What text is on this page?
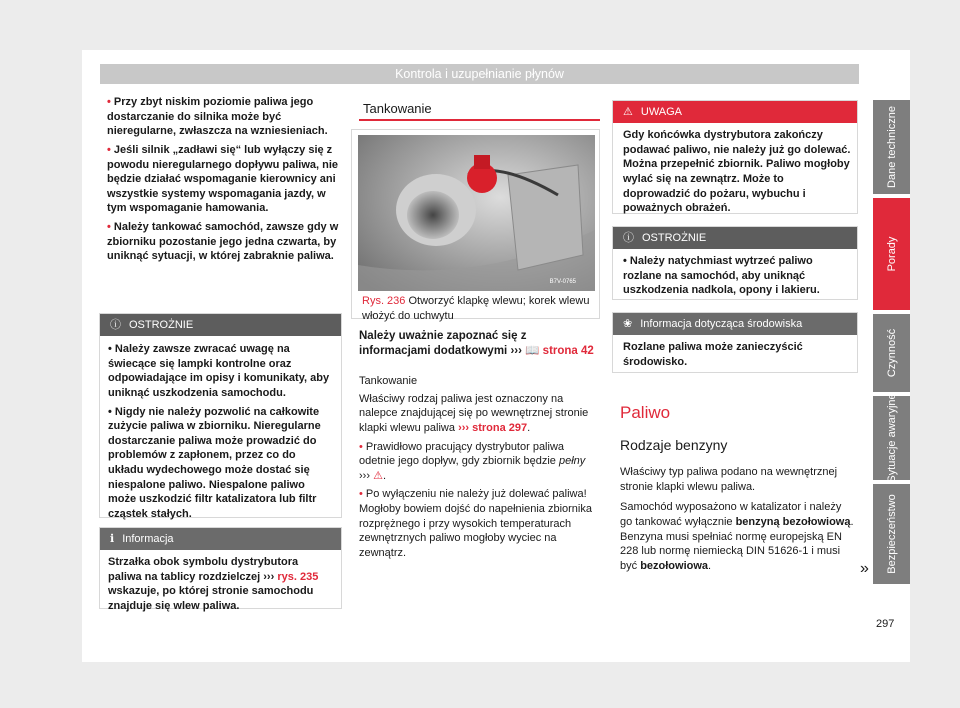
Kontrola i uzupełnianie płynów

• Przy zbyt niskim poziomie paliwa jego dostarczanie do silnika może być nieregularne, zwłaszcza na wzniesieniach.

• Jeśli silnik „zadławi się“ lub wyłączy się z powodu nieregularnego dopływu paliwa, nie będzie działać wspomaganie kierownicy ani wszystkie systemy wspomagania jazdy, w tym wspomaganie hamowania.

• Należy tankować samochód, zawsze gdy w zbiorniku pozostanie jego jedna czwarta, by uniknąć sytuacji, w której zabraknie paliwa.

ⓘ OSTROŻNIE

• Należy zawsze zwracać uwagę na świecące się lampki kontrolne oraz odpowiadające im opisy i komunikaty, aby uniknąć uszkodzenia samochodu.

• Nigdy nie należy pozwolić na całkowite zużycie paliwa w zbiorniku. Nieregularne dostarczanie paliwa może prowadzić do problemów z zapłonem, przez co do układu wydechowego może dostać się niespalone paliwo. Niespalone paliwo może uszkodzić filtr katalizatora lub filtr cząstek stałych.

ℹ Informacja

Strzałka obok symbolu dystrybutora paliwa na tablicy rozdzielczej ››› rys. 235 wskazuje, po której stronie samochodu znajduje się wlew paliwa.

Tankowanie
B7V-0765
Rys. 236 Otworzyć klapkę wlewu; korek wlewu włożyć do uchwytu
Należy uważnie zapoznać się z informacjami dodatkowymi ››› 📖 strona 42

Tankowanie

Właściwy rodzaj paliwa jest oznaczony na nalepce znajdującej się po wewnętrznej stronie klapki wlewu paliwa ››› strona 297.

• Prawidłowo pracujący dystrybutor paliwa odetnie jego dopływ, gdy zbiornik będzie pełny ››› ⚠.

• Po wyłączeniu nie należy już dolewać paliwa! Mogłoby bowiem dojść do napełnienia zbiornika rozprężnego i przy wysokich temperaturach zewnętrznych paliwo mogłoby wyciec na zewnątrz.

⚠ UWAGA
Gdy końcówka dystrybutora zakończy podawać paliwo, nie należy już go dolewać. Można przepełnić zbiornik. Paliwo mogłoby wylać się na zewnątrz. Może to doprowadzić do pożaru, wybuchu i poważnych obrażeń.
ⓘ OSTROŻNIE
• Należy natychmiast wytrzeć paliwo rozlane na samochód, aby uniknąć uszkodzenia nadkola, opony i lakieru.
❀ Informacja dotycząca środowiska
Rozlane paliwa może zanieczyścić środowisko.
Paliwo
Rodzaje benzyny

Właściwy typ paliwa podano na wewnętrznej stronie klapki wlewu paliwa.

Samochód wyposażono w katalizator i należy go tankować wyłącznie benzyną bezołowiową. Benzyna musi spełniać normę europejską EN 228 lub normę niemiecką DIN 51626-1 i musi być bezołowiowa.	»
Dane techniczne
Porady
Czynność
Sytuacje awaryjne
Bezpieczeństwo
297
